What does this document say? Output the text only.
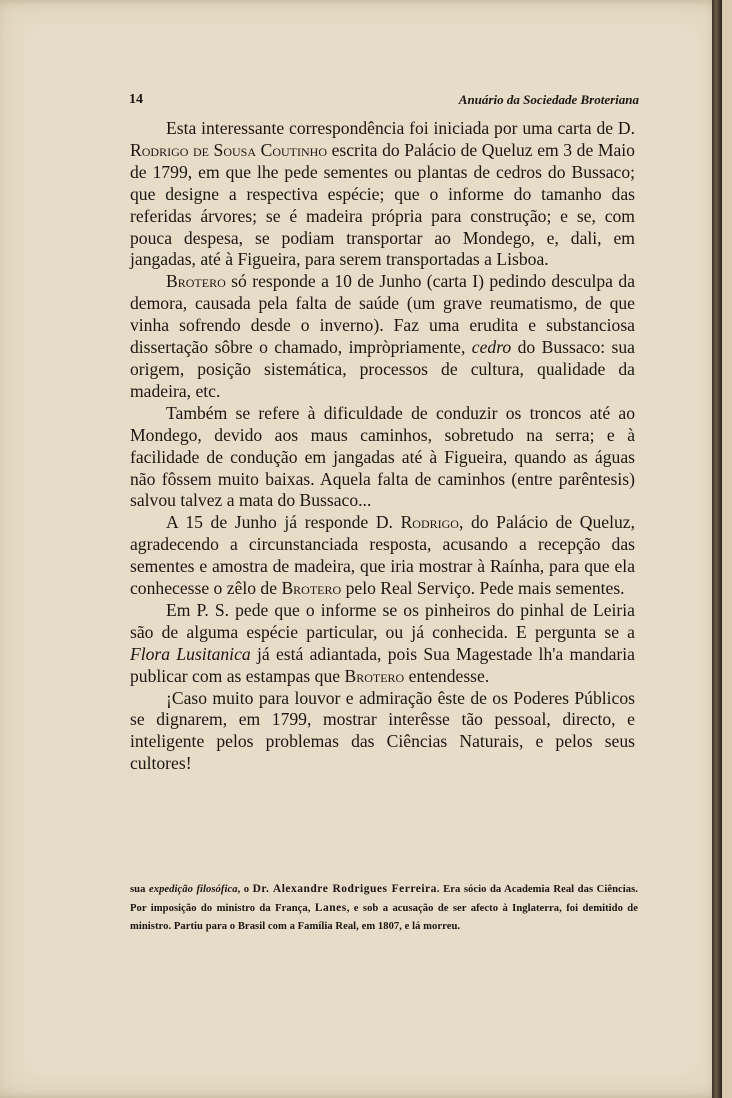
14	Anuário da Sociedade Broteriana

Esta interessante correspondência foi iniciada por uma carta de D. Rodrigo de Sousa Coutinho escrita do Palácio de Queluz em 3 de Maio de 1799, em que lhe pede sementes ou plantas de cedros do Bussaco; que designe a respectiva espécie; que o informe do tamanho das referidas árvores; se é madeira própria para construção; e se, com pouca despesa, se podiam transportar ao Mondego, e, dali, em jangadas, até à Figueira, para serem transportadas a Lisboa.

Brotero só responde a 10 de Junho (carta I) pedindo desculpa da demora, causada pela falta de saúde (um grave reumatismo, de que vinha sofrendo desde o inverno). Faz uma erudita e substanciosa dissertação sôbre o chamado, impròpriamente, cedro do Bussaco: sua origem, posição sistemática, processos de cultura, qualidade da madeira, etc.

Também se refere à dificuldade de conduzir os troncos até ao Mondego, devido aos maus caminhos, sobretudo na serra; e à facilidade de condução em jangadas até à Figueira, quando as águas não fôssem muito baixas. Aquela falta de caminhos (entre parêntesis) salvou talvez a mata do Bussaco...

A 15 de Junho já responde D. Rodrigo, do Palácio de Queluz, agradecendo a circunstanciada resposta, acusando a recepção das sementes e amostra de madeira, que iria mostrar à Raínha, para que ela conhecesse o zêlo de Brotero pelo Real Serviço. Pede mais sementes.

Em P. S. pede que o informe se os pinheiros do pinhal de Leiria são de alguma espécie particular, ou já conhecida. E pergunta se a Flora Lusitanica já está adiantada, pois Sua Magestade lh'a mandaria publicar com as estampas que Brotero entendesse.

¡Caso muito para louvor e admiração êste de os Poderes Públicos se dignarem, em 1799, mostrar interêsse tão pessoal, directo, e inteligente pelos problemas das Ciências Naturais, e pelos seus cultores!

sua expedição filosófica, o Dr. Alexandre Rodrigues Ferreira. Era sócio da Academia Real das Ciências. Por imposição do ministro da França, Lanes, e sob a acusação de ser afecto à Inglaterra, foi demitido de ministro. Partiu para o Brasil com a Família Real, em 1807, e lá morreu.
